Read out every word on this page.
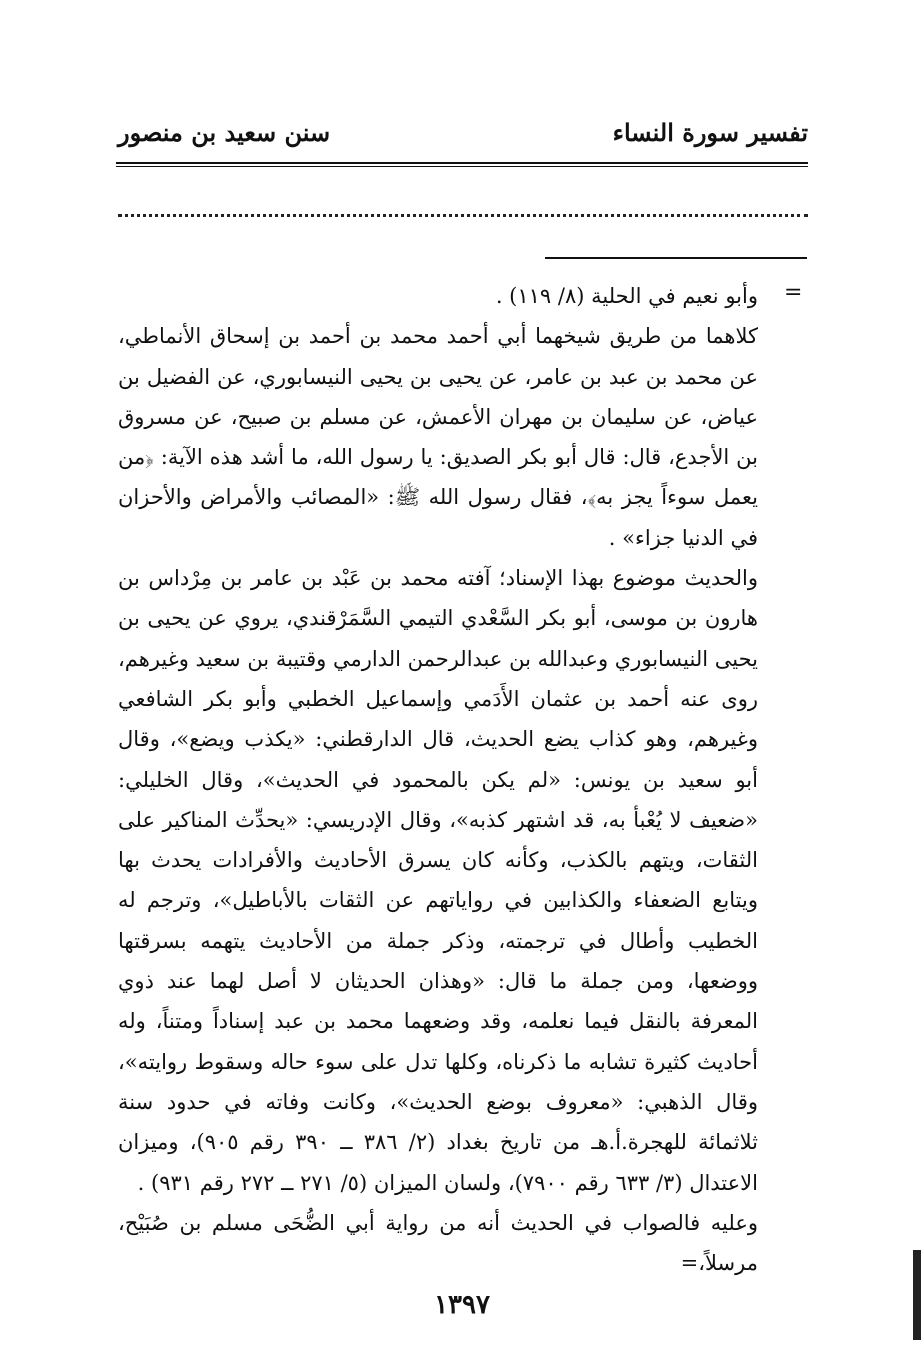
تفسير سورة النساء
سنن سعيد بن منصور
=

وأبو نعيم في الحلية (٨/ ١١٩) .

كلاهما من طريق شيخهما أبي أحمد محمد بن أحمد بن إسحاق الأنماطي، عن محمد بن عبد بن عامر، عن يحيى بن يحيى النيسابوري، عن الفضيل بن عياض، عن سليمان بن مهران الأعمش، عن مسلم بن صبيح، عن مسروق بن الأجدع، قال: قال أبو بكر الصديق: يا رسول الله، ما أشد هذه الآية: ﴿من يعمل سوءاً يجز به﴾، فقال رسول الله ﷺ: «المصائب والأمراض والأحزان في الدنيا جزاء» .

والحديث موضوع بهذا الإسناد؛ آفته محمد بن عَبْد بن عامر بن مِرْداس بن هارون بن موسى، أبو بكر السَّعْدي التيمي السَّمَرْقندي، يروي عن يحيى بن يحيى النيسابوري وعبدالله بن عبدالرحمن الدارمي وقتيبة بن سعيد وغيرهم، روى عنه أحمد بن عثمان الأَدَمي وإسماعيل الخطبي وأبو بكر الشافعي وغيرهم، وهو كذاب يضع الحديث، قال الدارقطني: «يكذب ويضع»، وقال أبو سعيد بن يونس: «لم يكن بالمحمود في الحديث»، وقال الخليلي: «ضعيف لا يُعْبأ به، قد اشتهر كذبه»، وقال الإدريسي: «يحدِّث المناكير على الثقات، ويتهم بالكذب، وكأنه كان يسرق الأحاديث والأفرادات يحدث بها ويتابع الضعفاء والكذابين في رواياتهم عن الثقات بالأباطيل»، وترجم له الخطيب وأطال في ترجمته، وذكر جملة من الأحاديث يتهمه بسرقتها ووضعها، ومن جملة ما قال: «وهذان الحديثان لا أصل لهما عند ذوي المعرفة بالنقل فيما نعلمه، وقد وضعهما محمد بن عبد إسناداً ومتناً، وله أحاديث كثيرة تشابه ما ذكرناه، وكلها تدل على سوء حاله وسقوط روايته»، وقال الذهبي: «معروف بوضع الحديث»، وكانت وفاته في حدود سنة ثلاثمائة للهجرة.أ.هـ من تاريخ بغداد (٢/ ٣٨٦ ــ ٣٩٠ رقم ٩٠٥)، وميزان الاعتدال (٣/ ٦٣٣ رقم ٧٩٠٠)، ولسان الميزان (٥/ ٢٧١ ــ ٢٧٢ رقم ٩٣١) .

وعليه فالصواب في الحديث أنه من رواية أبي الضُّحَى مسلم بن صُبَيْح، مرسلاً،=

١٣٩٧
